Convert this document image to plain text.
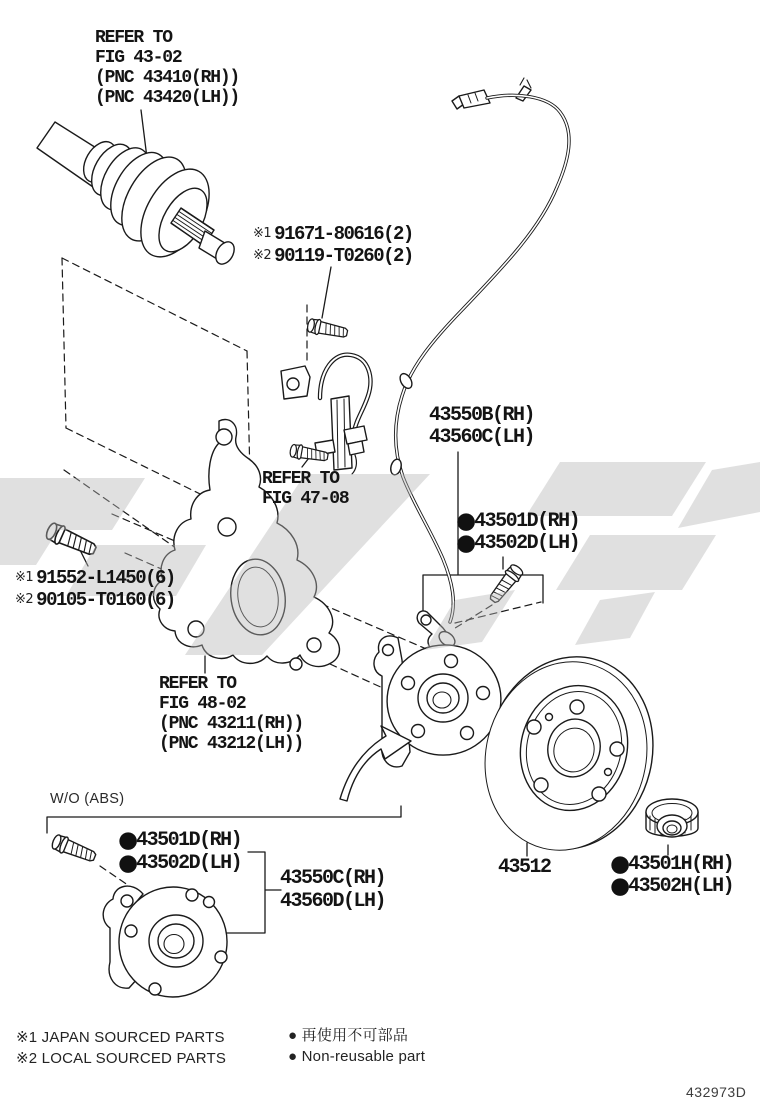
REFER TO
FIG 43-02
(PNC 43410(RH))
(PNC 43420(LH))
※1 91671-80616(2)
※2 90119-T0260(2)
43550B(RH)
43560C(LH)
●43501D(RH)
●43502D(LH)
REFER TO
FIG 47-08
※1 91552-L1450(6)
※2 90105-T0160(6)
REFER TO
FIG 48-02
(PNC 43211(RH))
(PNC 43212(LH))
W/O (ABS)
●43501D(RH)
●43502D(LH)
43550C(RH)
43560D(LH)
43512	●43501H(RH)
●43502H(LH)
※1 JAPAN SOURCED PARTS
※2 LOCAL SOURCED PARTS
● 再使用不可部品
● Non-reusable part
432973D
